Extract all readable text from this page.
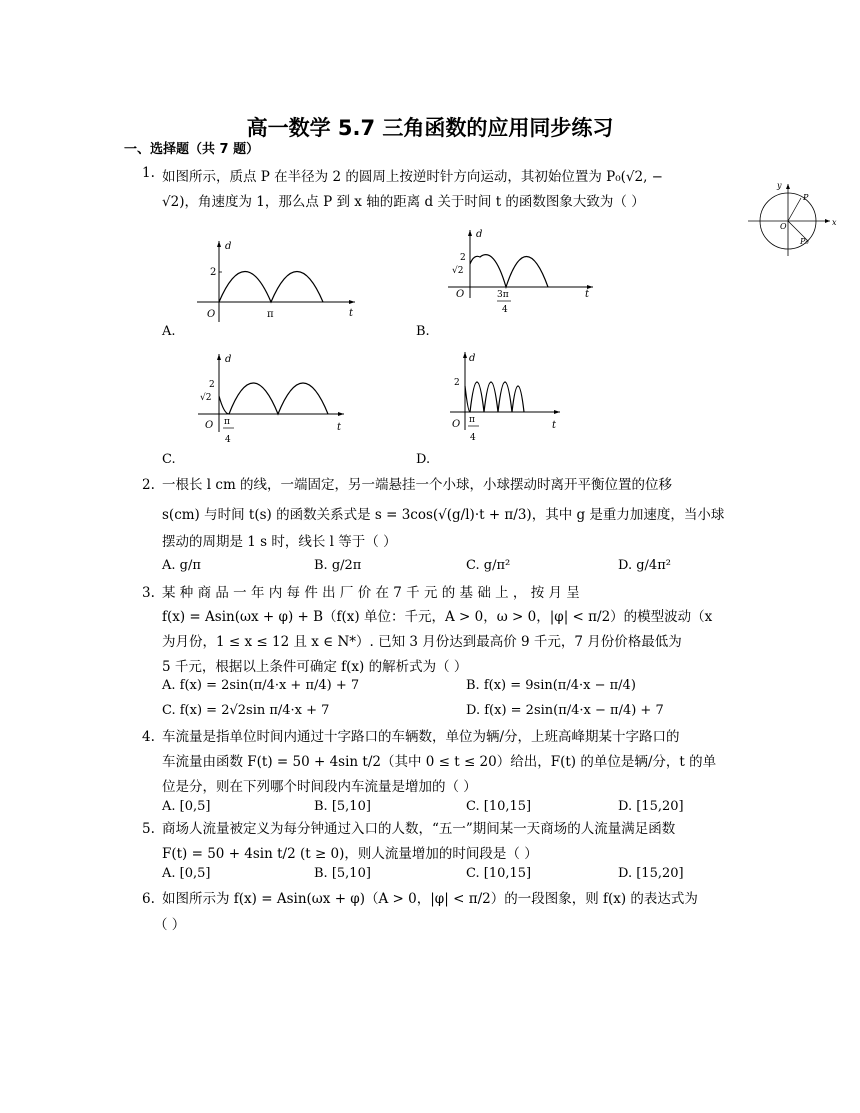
高一数学 5.7 三角函数的应用同步练习
一、选择题（共 7 题）
1. 如图所示，质点 P 在半径为 2 的圆周上按逆时针方向运动，其初始位置为 P₀(√2, −
√2)，角速度为 1，那么点 P 到 x 轴的距离 d 关于时间 t 的函数图象大致为（ ）
x
y
P
P₀
O
d
2
O	π	t
A.
d
2
√2
O	3π
4
t
B.
d
2
√2
O π
4
t
C.
d
2
O π
4
t
D.
2. 一根长 l cm 的线，一端固定，另一端悬挂一个小球，小球摆动时离开平衡位置的位移
s(cm) 与时间 t(s) 的函数关系式是 s = 3cos(√(g/l)·t + π/3)，其中 g 是重力加速度，当小球
摆动的周期是 1 s 时，线长 l 等于（ ）
A. g/π	B. g/2π	C. g/π²	D. g/4π²
3. 某 种 商 品 一 年 内 每 件 出 厂 价 在 7 千 元 的 基 础 上 ， 按 月 呈
f(x) = Asin(ωx + φ) + B（f(x) 单位：千元，A > 0，ω > 0，|φ| < π/2）的模型波动（x
为月份，1 ≤ x ≤ 12 且 x ∈ N*）. 已知 3 月份达到最高价 9 千元，7 月份价格最低为
5 千元，根据以上条件可确定 f(x) 的解析式为（ ）
A. f(x) = 2sin(π/4·x + π/4) + 7	B. f(x) = 9sin(π/4·x − π/4)
C. f(x) = 2√2sin π/4·x + 7	D. f(x) = 2sin(π/4·x − π/4) + 7
4. 车流量是指单位时间内通过十字路口的车辆数，单位为辆/分，上班高峰期某十字路口的
车流量由函数 F(t) = 50 + 4sin t/2（其中 0 ≤ t ≤ 20）给出，F(t) 的单位是辆/分，t 的单
位是分，则在下列哪个时间段内车流量是增加的（ ）
A. [0,5]	B. [5,10]	C. [10,15]	D. [15,20]
5. 商场人流量被定义为每分钟通过入口的人数，“五一”期间某一天商场的人流量满足函数
F(t) = 50 + 4sin t/2 (t ≥ 0)，则人流量增加的时间段是（ ）
A. [0,5]	B. [5,10]	C. [10,15]	D. [15,20]
6. 如图所示为 f(x) = Asin(ωx + φ)（A > 0，|φ| < π/2）的一段图象，则 f(x) 的表达式为
（ ）
